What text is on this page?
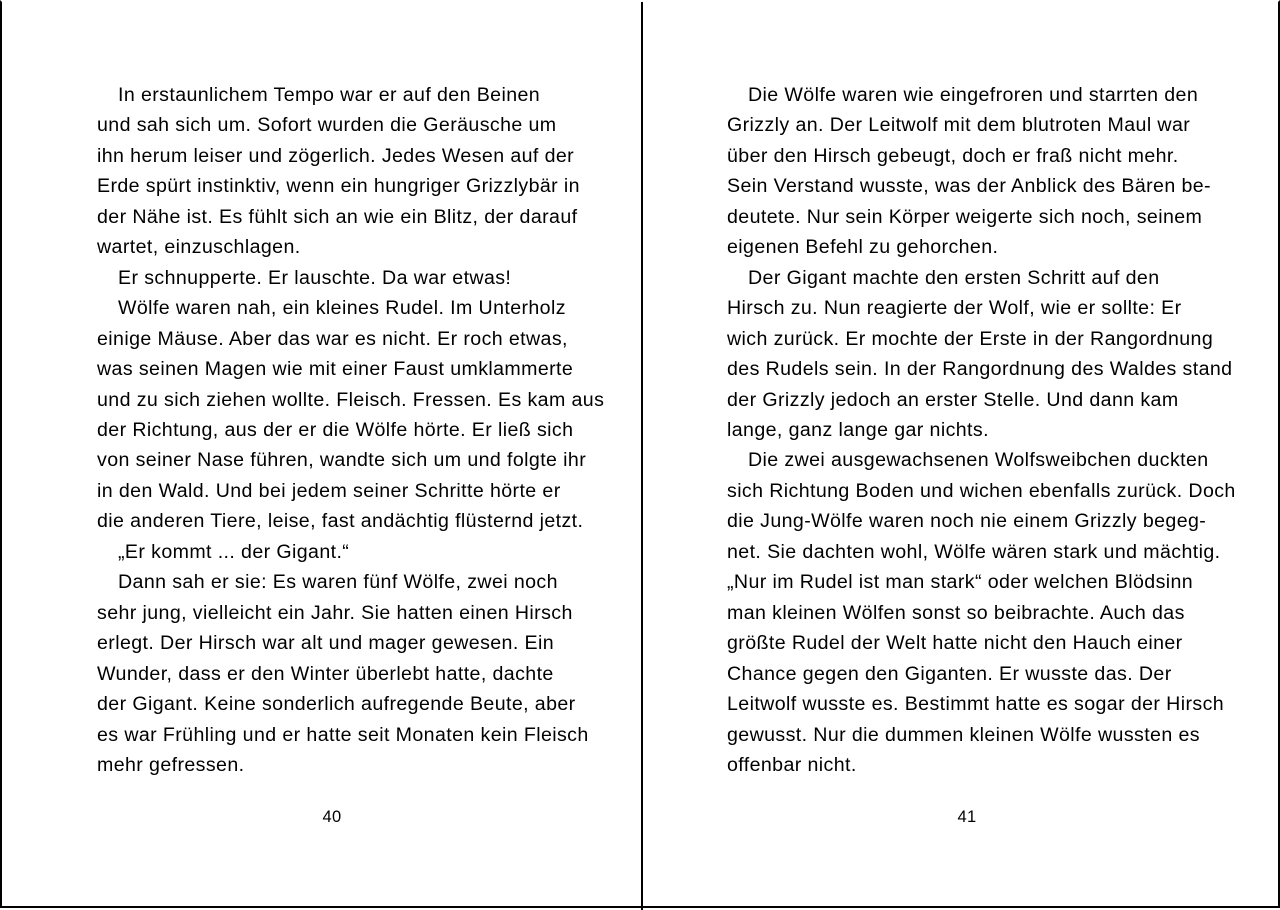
In erstaunlichem Tempo war er auf den Beinen
und sah sich um. Sofort wurden die Geräusche um
ihn herum leiser und zögerlich. Jedes Wesen auf der
Erde spürt instinktiv, wenn ein hungriger Grizzlybär in
der Nähe ist. Es fühlt sich an wie ein Blitz, der darauf
wartet, einzuschlagen.
Er schnupperte. Er lauschte. Da war etwas!
Wölfe waren nah, ein kleines Rudel. Im Unterholz
einige Mäuse. Aber das war es nicht. Er roch etwas,
was seinen Magen wie mit einer Faust umklammerte
und zu sich ziehen wollte. Fleisch. Fressen. Es kam aus
der Richtung, aus der er die Wölfe hörte. Er ließ sich
von seiner Nase führen, wandte sich um und folgte ihr
in den Wald. Und bei jedem seiner Schritte hörte er
die anderen Tiere, leise, fast andächtig flüsternd jetzt.
„Er kommt ... der Gigant.“
Dann sah er sie: Es waren fünf Wölfe, zwei noch
sehr jung, vielleicht ein Jahr. Sie hatten einen Hirsch
erlegt. Der Hirsch war alt und mager gewesen. Ein
Wunder, dass er den Winter überlebt hatte, dachte
der Gigant. Keine sonderlich aufregende Beute, aber
es war Frühling und er hatte seit Monaten kein Fleisch
mehr gefressen.
40
Die Wölfe waren wie eingefroren und starrten den
Grizzly an. Der Leitwolf mit dem blutroten Maul war
über den Hirsch gebeugt, doch er fraß nicht mehr.
Sein Verstand wusste, was der Anblick des Bären be-
deutete. Nur sein Körper weigerte sich noch, seinem
eigenen Befehl zu gehorchen.
Der Gigant machte den ersten Schritt auf den
Hirsch zu. Nun reagierte der Wolf, wie er sollte: Er
wich zurück. Er mochte der Erste in der Rangordnung
des Rudels sein. In der Rangordnung des Waldes stand
der Grizzly jedoch an erster Stelle. Und dann kam
lange, ganz lange gar nichts.
Die zwei ausgewachsenen Wolfsweibchen duckten
sich Richtung Boden und wichen ebenfalls zurück. Doch
die Jung-Wölfe waren noch nie einem Grizzly begeg-
net. Sie dachten wohl, Wölfe wären stark und mächtig.
„Nur im Rudel ist man stark“ oder welchen Blödsinn
man kleinen Wölfen sonst so beibrachte. Auch das
größte Rudel der Welt hatte nicht den Hauch einer
Chance gegen den Giganten. Er wusste das. Der
Leitwolf wusste es. Bestimmt hatte es sogar der Hirsch
gewusst. Nur die dummen kleinen Wölfe wussten es
offenbar nicht.
41
